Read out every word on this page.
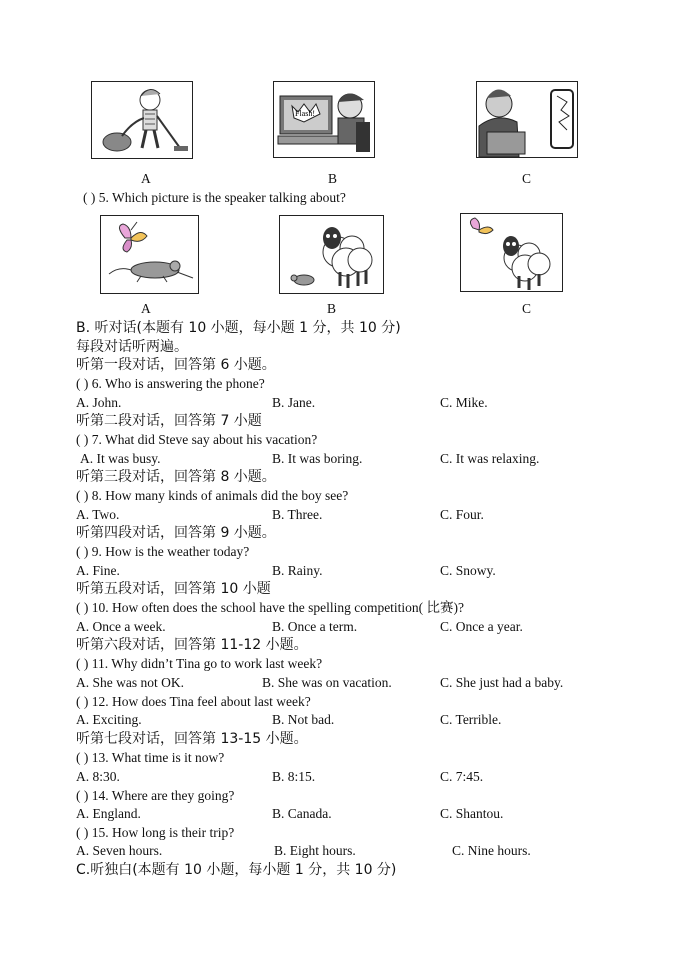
Flash!
A	B	C
( ) 5. Which picture is the speaker talking about?
A	B	C
B. 听对话(本题有 10 小题，每小题 1 分，共 10 分)
每段对话听两遍。
听第一段对话，回答第 6 小题。
( ) 6. Who is answering the phone?
A. John.	B. Jane.	C. Mike.
听第二段对话，回答第 7 小题
( ) 7. What did Steve say about his vacation?
A. It was busy.	B. It was boring.	C. It was relaxing.
听第三段对话，回答第 8 小题。
( ) 8. How many kinds of animals did the boy see?
A. Two.	B. Three.	C. Four.
听第四段对话，回答第 9 小题。
( ) 9. How is the weather today?
A. Fine.	B. Rainy.	C. Snowy.
听第五段对话，回答第 10 小题
( ) 10. How often does the school have the spelling competition( 比赛)?
A. Once a week.	B. Once a term.	C. Once a year.
听第六段对话，回答第 11-12 小题。
( ) 11. Why didn’t Tina go to work last week?
A. She was not OK.	B. She was on vacation.	C. She just had a baby.
( ) 12. How does Tina feel about last week?
A. Exciting.	B. Not bad.	C. Terrible.
听第七段对话，回答第 13-15 小题。
( ) 13. What time is it now?
A. 8:30.	B. 8:15.	C. 7:45.
( ) 14. Where are they going?
A. England.	B. Canada.	C. Shantou.
( ) 15. How long is their trip?
A. Seven hours.	B. Eight hours.	C. Nine hours.
C.听独白(本题有 10 小题，每小题 1 分，共 10 分)
